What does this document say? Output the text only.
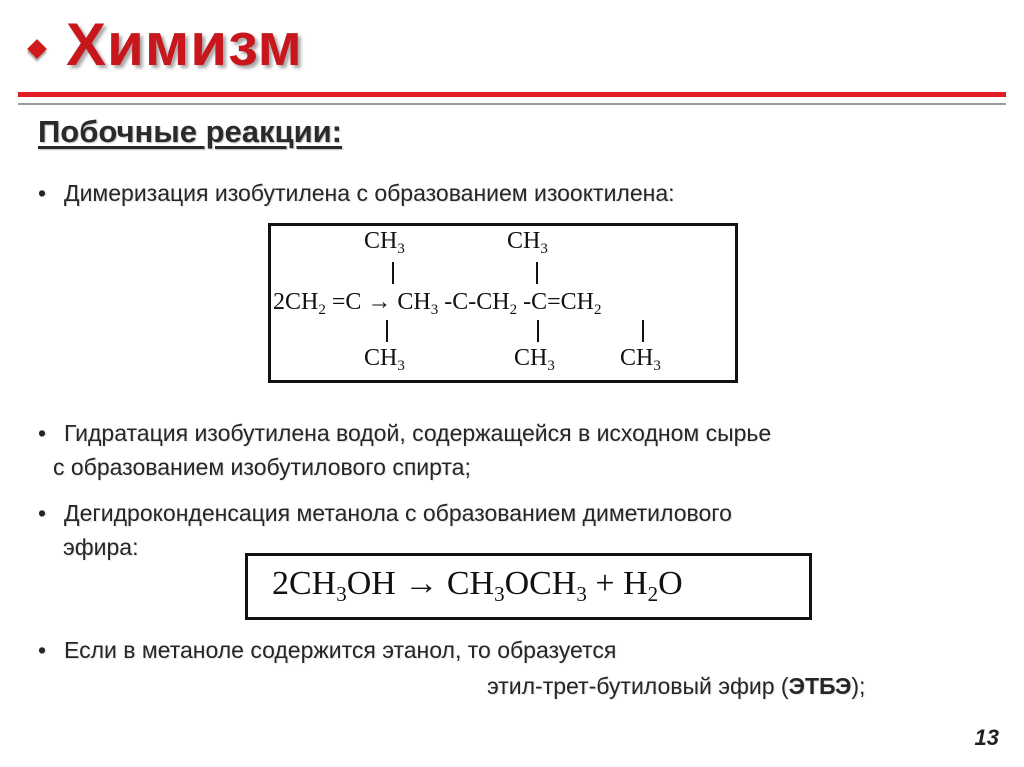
Химизм
Побочные реакции:
• Димеризация изобутилена с образованием изооктилена:
$CH_3$	$CH_3$
$2CH_2 =C \to CH_3$ $-C-CH_2$ $-C=CH_2$
$CH_3$	$CH_3$	$CH_3$
• Гидратация изобутилена водой, содержащейся в исходном сырье
с образованием изобутилового спирта;
• Дегидроконденсация метанола с образованием диметилового
эфира:
$2CH_3OH \to CH_3OCH_3 + H_2O$
• Если в метаноле содержится этанол, то образуется
этил-трет-бутиловый эфир (ЭТБЭ);
13
